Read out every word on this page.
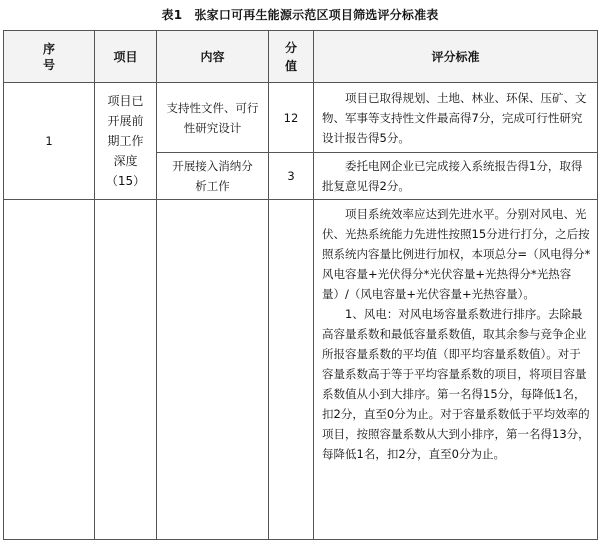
表1　张家口可再生能源示范区项目筛选评分标准表
序号	项目	内容	分值	评分标准
1	项目已开展前期工作深度（15）	支持性文件、可行性研究设计	12	项目已取得规划、土地、林业、环保、压矿、文物、军事等支持性文件最高得7分，完成可行性研究设计报告得5分。

		开展接入消纳分析工作	3	委托电网企业已完成接入系统报告得1分，取得批复意见得2分。

				项目系统效率应达到先进水平。分别对风电、光伏、光热系统能力先进性按照15分进行打分，之后按照系统内容量比例进行加权，本项总分=（风电得分*风电容量+光伏得分*光伏容量+光热得分*光热容量）/（风电容量+光伏容量+光热容量）。
1、风电：对风电场容量系数进行排序。去除最高容量系数和最低容量系数值，取其余参与竞争企业所报容量系数的平均值（即平均容量系数值）。对于容量系数高于等于平均容量系数的项目，将项目容量系数值从小到大排序。第一名得15分，每降低1名，扣2分，直至0分为止。对于容量系数低于平均效率的项目，按照容量系数从大到小排序，第一名得13分，每降低1名，扣2分，直至0分为止。
